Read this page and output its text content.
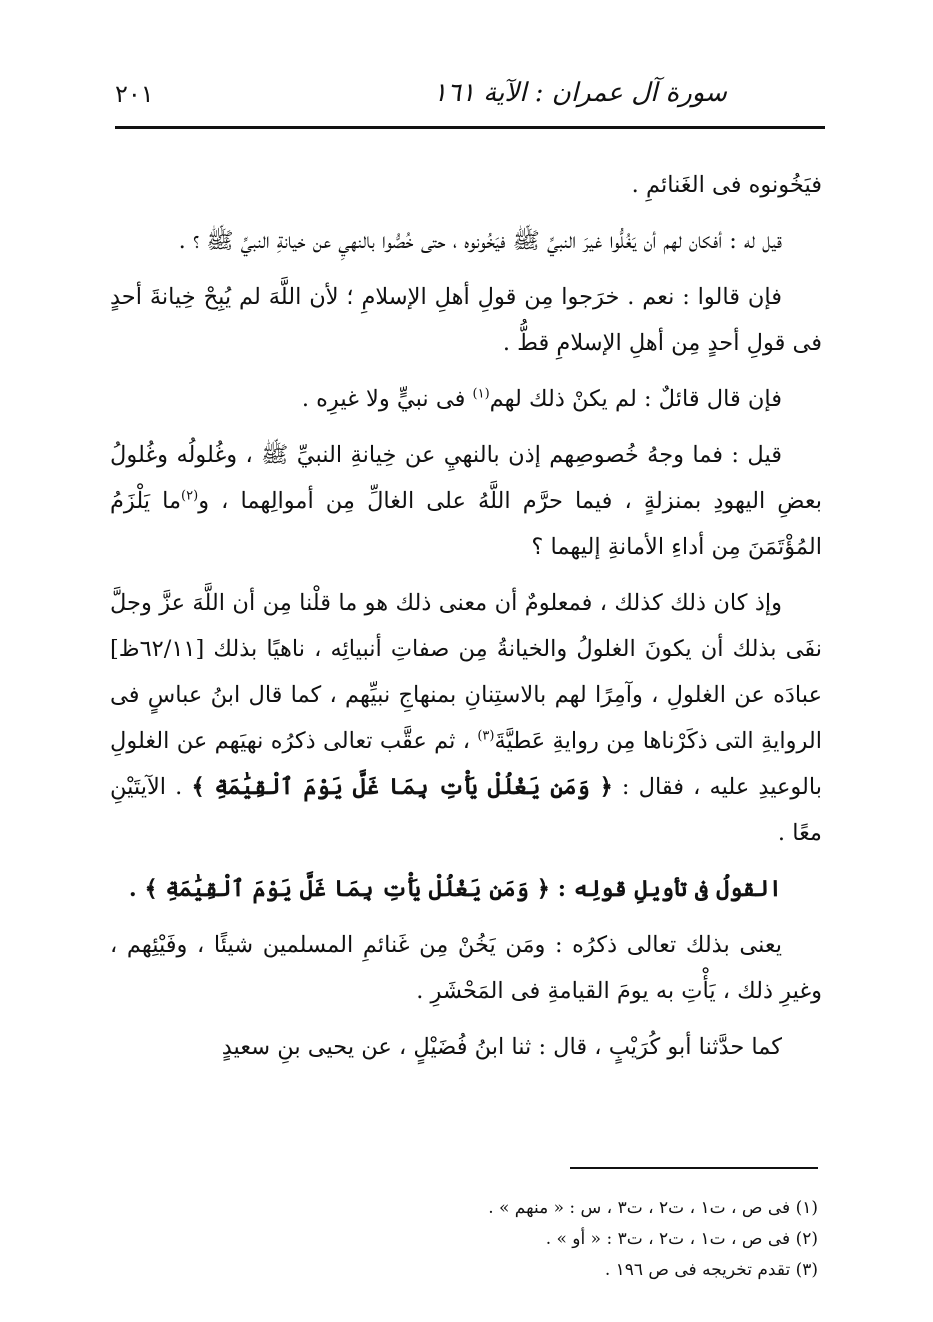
سورة آل عمران : الآية ١٦١
٢٠١

فيَخُونوه فى الغَنائمِ .

قيل له : أفكان لهم أن يَغُلُّوا غيرَ النبيِّ ﷺ فيَخُونوه ، حتى خُصُّوا بالنهيِ عن خيانةِ النبيِّ ﷺ ؟ .

فإن قالوا : نعم . خرَجوا مِن قولِ أهلِ الإسلامِ ؛ لأن اللَّهَ لم يُبِحْ خِيانةَ أحدٍ فى قولِ أحدٍ مِن أهلِ الإسلامِ قطُّ .

فإن قال قائلٌ : لم يكنْ ذلك لهم$^{(١)}$ فى نبيٍّ ولا غيرِه .

قيل : فما وجهُ خُصوصِهم إذن بالنهيِ عن خِيانةِ النبيِّ ﷺ ، وغُلولُه وغُلولُ بعضِ اليهودِ بمنزلةٍ ، فيما حرَّم اللَّهُ على الغالِّ مِن أموالِهما ، و$^{(٢)}$ما يَلْزَمُ المُؤْتَمَنَ مِن أداءِ الأمانةِ إليهما ؟

وإذ كان ذلك كذلك ، فمعلومٌ أن معنى ذلك هو ما قلْنا مِن أن اللَّهَ عزَّ وجلَّ نفَى بذلك أن يكونَ الغلولُ والخيانةُ مِن صفاتِ أنبيائِه ، ناهيًا بذلك [٦٢/١١ظ] عبادَه عن الغلولِ ، وآمِرًا لهم بالاستِنانِ بمنهاجِ نبيِّهم ، كما قال ابنُ عباسٍ فى الروايةِ التى ذكَرْناها مِن روايةِ عَطيَّةَ$^{(٣)}$ ، ثم عقَّب تعالى ذكرُه نهيَهم عن الغلولِ بالوعيدِ عليه ، فقال : ﴿ وَمَن يَغْلُلْ يَأْتِ بِمَا غَلَّ يَوْمَ ٱلْقِيَٰمَةِ ﴾ . الآيتَيْنِ معًا .

القولُ فى تأويلِ قولِه : ﴿ وَمَن يَغْلُلْ يَأْتِ بِمَا غَلَّ يَوْمَ ٱلْقِيَٰمَةِ ﴾ .

يعنى بذلك تعالى ذكرُه : ومَن يَخُنْ مِن غَنائمِ المسلمين شيئًا ، وفَيْئِهم ، وغيرِ ذلك ، يَأْتِ به يومَ القيامةِ فى المَحْشَرِ .

كما حدَّثنا أبو كُرَيْبٍ ، قال : ثنا ابنُ فُضَيْلٍ ، عن يحيى بنِ سعيدٍ

(١) فى ص ، ت١ ، ت٢ ، ت٣ ، س : « منهم » .

(٢) فى ص ، ت١ ، ت٢ ، ت٣ : « أو » .

(٣) تقدم تخريجه فى ص ١٩٦ .
